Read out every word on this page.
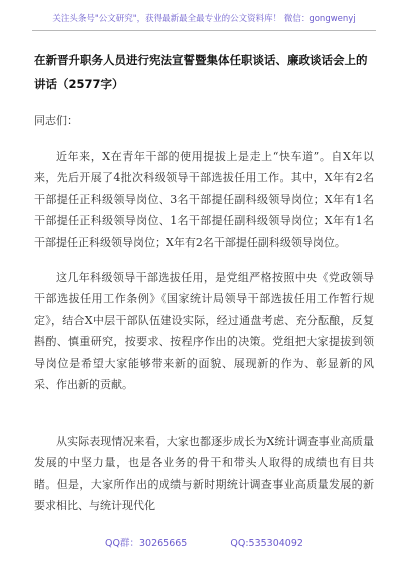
关注头条号"公文研究"，获得最新最全最专业的公文资料库！ 微信：gongwenyj
在新晋升职务人员进行宪法宣誓暨集体任职谈话、廉政谈话会上的讲话（2577字）
同志们：

近年来，X在青年干部的使用提拔上是走上“快车道”。自X年以来，先后开展了4批次科级领导干部选拔任用工作。其中，X年有2名干部提任正科级领导岗位、3名干部提任副科级领导岗位；X年有1名干部提任正科级领导岗位、1名干部提任副科级领导岗位；X年有1名干部提任正科级领导岗位；X年有2名干部提任副科级领导岗位。

这几年科级领导干部选拔任用，是党组严格按照中央《党政领导干部选拔任用工作条例》《国家统计局领导干部选拔任用工作暂行规定》，结合X中层干部队伍建设实际，经过通盘考虑、充分酝酿，反复斟酌、慎重研究，按要求、按程序作出的决策。党组把大家提拔到领导岗位是希望大家能够带来新的面貌、展现新的作为、彰显新的风采、作出新的贡献。

从实际表现情况来看，大家也都逐步成长为X统计调查事业高质量发展的中坚力量，也是各业务的骨干和带头人取得的成绩也有目共睹。但是，大家所作出的成绩与新时期统计调查事业高质量发展的新要求相比、与统计现代化

QQ群：30265665 QQ:535304092
